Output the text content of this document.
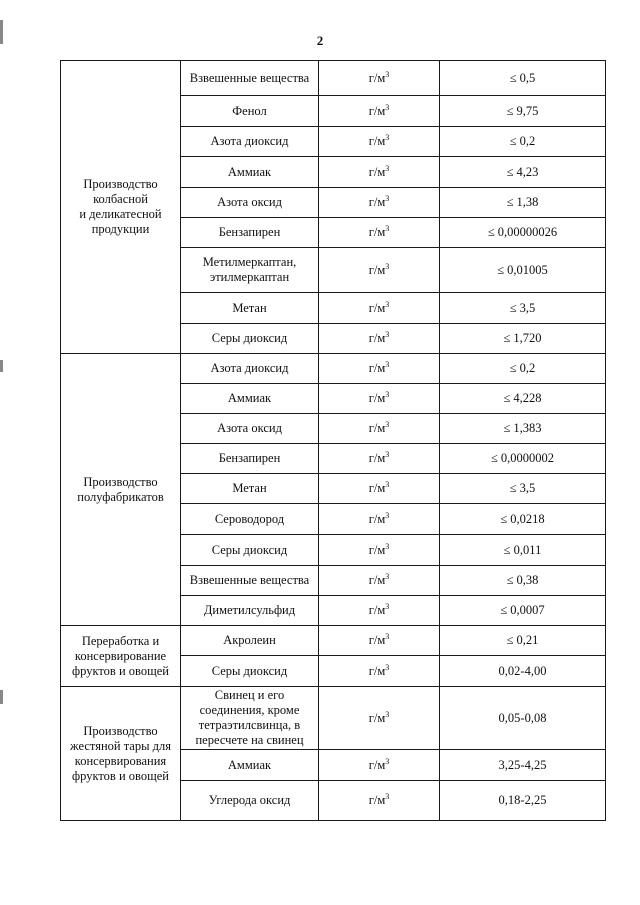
2
Производство
колбасной
и деликатесной
продукции	Взвешенные вещества	$г/м^3$	≤ 0,5
	Фенол	$г/м^3$	≤ 9,75
	Азота диоксид	$г/м^3$	≤ 0,2
	Аммиак	$г/м^3$	≤ 4,23
	Азота оксид	$г/м^3$	≤ 1,38
	Бензапирен	$г/м^3$	≤ 0,00000026
	Метилмеркаптан, этилмеркаптан	$г/м^3$	≤ 0,01005
	Метан	$г/м^3$	≤ 3,5
	Серы диоксид	$г/м^3$	≤ 1,720
Производство
полуфабрикатов	Азота диоксид	$г/м^3$	≤ 0,2
	Аммиак	$г/м^3$	≤ 4,228
	Азота оксид	$г/м^3$	≤ 1,383
	Бензапирен	$г/м^3$	≤ 0,0000002
	Метан	$г/м^3$	≤ 3,5
	Сероводород	$г/м^3$	≤ 0,0218
	Серы диоксид	$г/м^3$	≤ 0,011
	Взвешенные вещества	$г/м^3$	≤ 0,38
	Диметилсульфид	$г/м^3$	≤ 0,0007
Переработка и
консервирование
фруктов и овощей	Акролеин	$г/м^3$	≤ 0,21
	Серы диоксид	$г/м^3$	0,02-4,00
Производство
жестяной тары для
консервирования
фруктов и овощей	Свинец и его соединения, кроме тетраэтилсвинца, в пересчете на свинец	$г/м^3$	0,05-0,08
	Аммиак	$г/м^3$	3,25-4,25
	Углерода оксид	$г/м^3$	0,18-2,25
